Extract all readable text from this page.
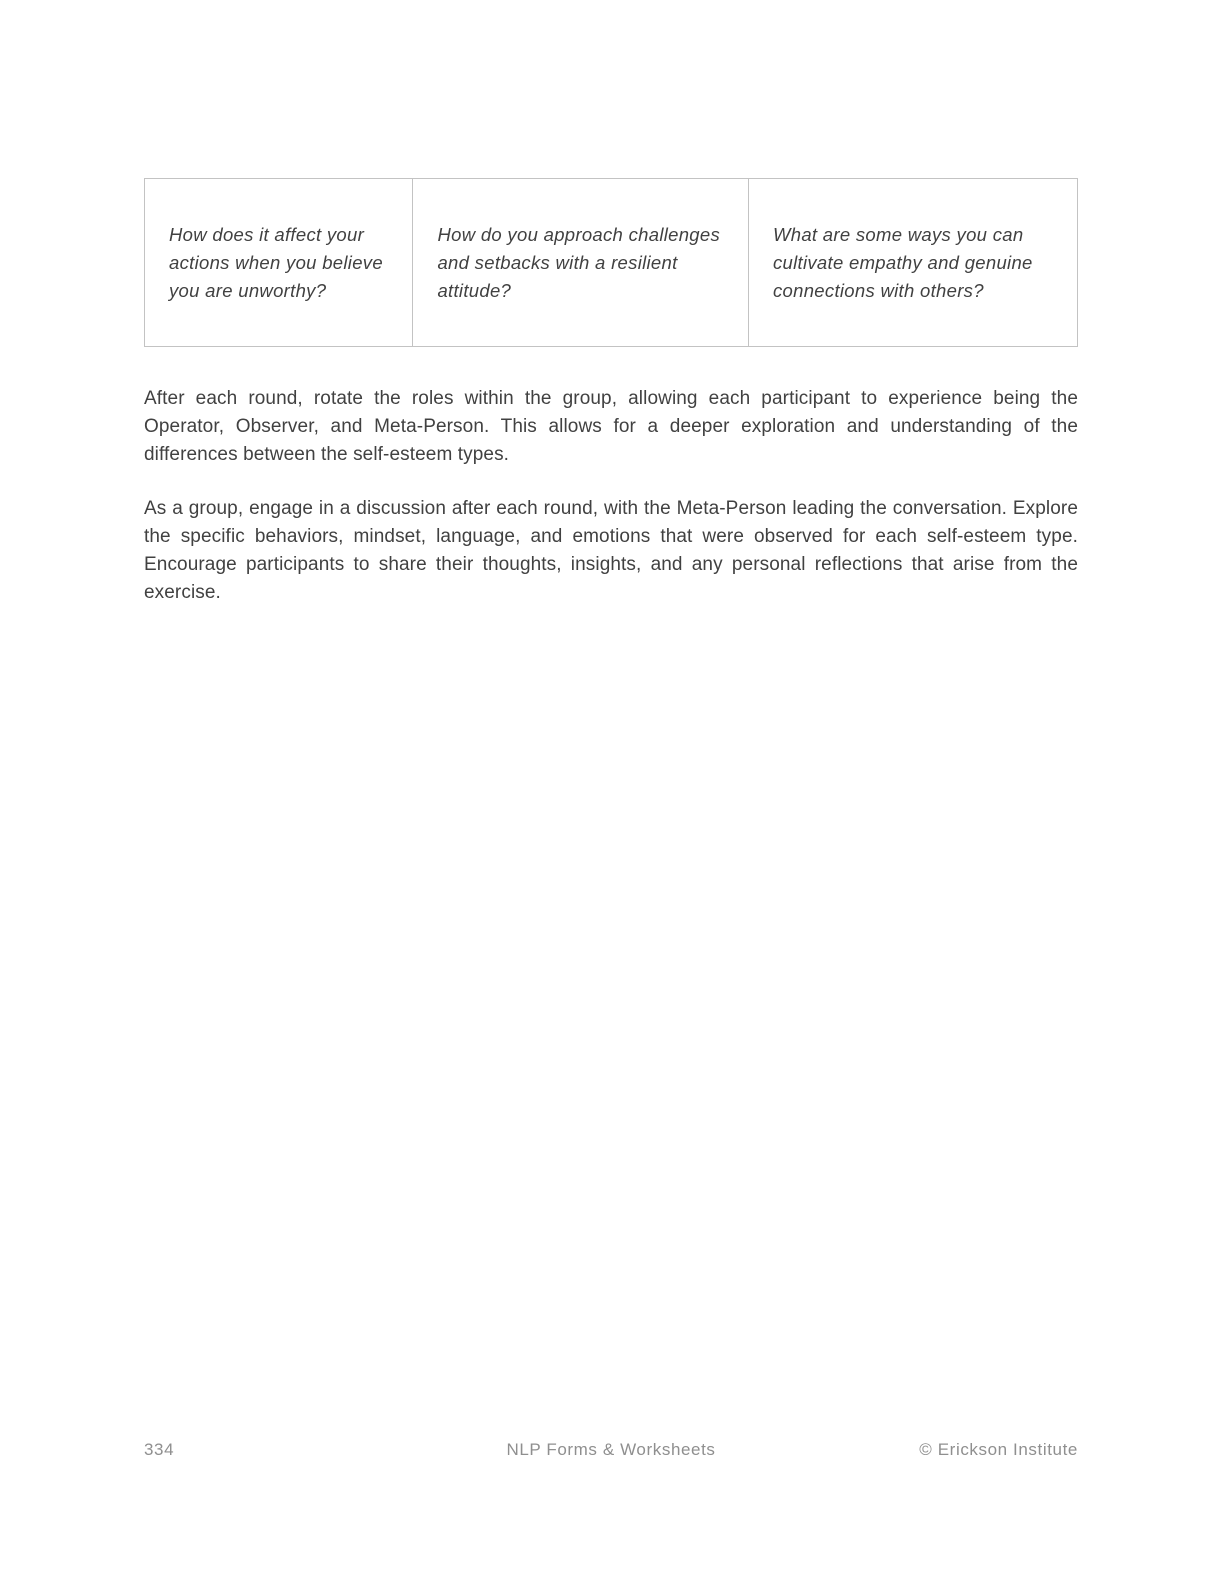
How does it affect your actions when you believe you are unworthy?
How do you approach challenges and setbacks with a resilient attitude?
What are some ways you can cultivate empathy and genuine connections with others?

After each round, rotate the roles within the group, allowing each participant to experience being the Operator, Observer, and Meta-Person. This allows for a deeper exploration and understanding of the differences between the self-esteem types.

As a group, engage in a discussion after each round, with the Meta-Person leading the conversation. Explore the specific behaviors, mindset, language, and emotions that were observed for each self-esteem type. Encourage participants to share their thoughts, insights, and any personal reflections that arise from the exercise.

334	NLP Forms & Worksheets	© Erickson Institute
